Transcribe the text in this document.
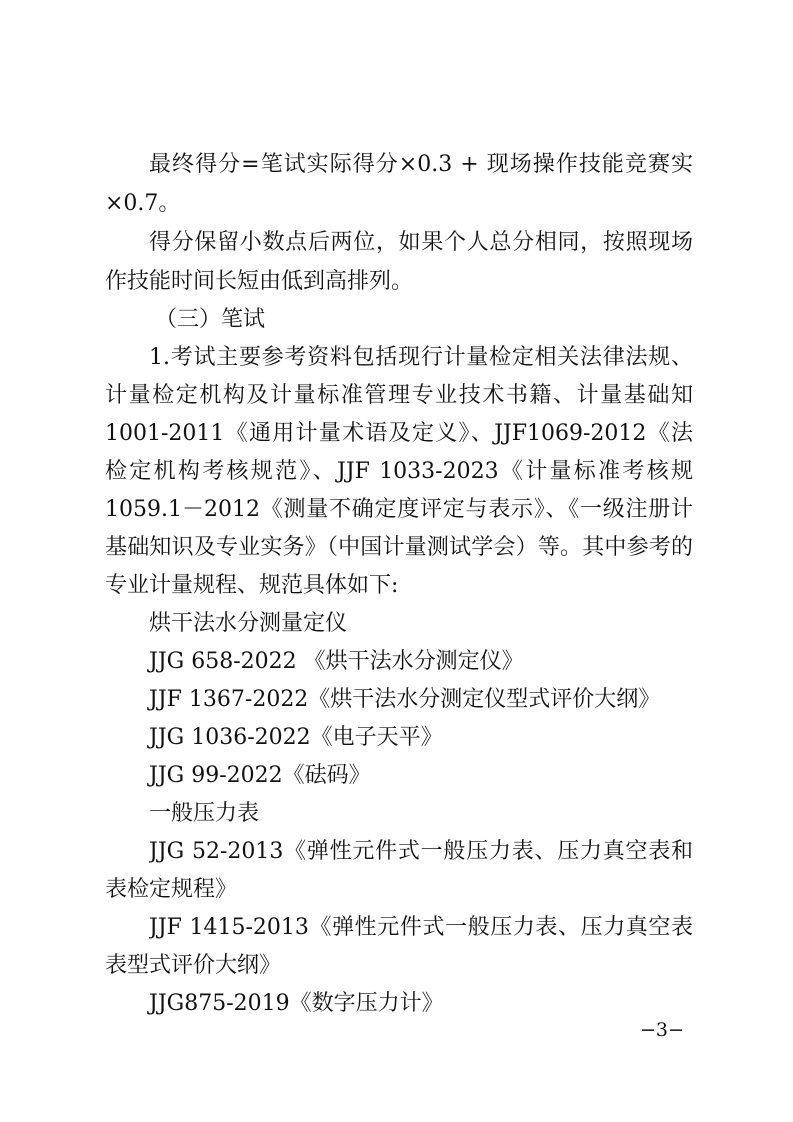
最终得分=笔试实际得分×0.3 + 现场操作技能竞赛实
×0.7。
得分保留小数点后两位，如果个人总分相同，按照现场
作技能时间长短由低到高排列。
（三）笔试
1.考试主要参考资料包括现行计量检定相关法律法规、
计量检定机构及计量标准管理专业技术书籍、计量基础知
1001-2011《通用计量术语及定义》、JJF1069-2012《法
检定机构考核规范》、JJF 1033-2023《计量标准考核规
1059.1－2012《测量不确定度评定与表示》、《一级注册计
基础知识及专业实务》（中国计量测试学会）等。其中参考的
专业计量规程、规范具体如下:
烘干法水分测量定仪
JJG 658-2022 《烘干法水分测定仪》
JJF 1367-2022《烘干法水分测定仪型式评价大纲》
JJG 1036-2022《电子天平》
JJG 99-2022《砝码》
一般压力表
JJG 52-2013《弹性元件式一般压力表、压力真空表和
表检定规程》
JJF 1415-2013《弹性元件式一般压力表、压力真空表
表型式评价大纲》
JJG875-2019《数字压力计》
−3−
